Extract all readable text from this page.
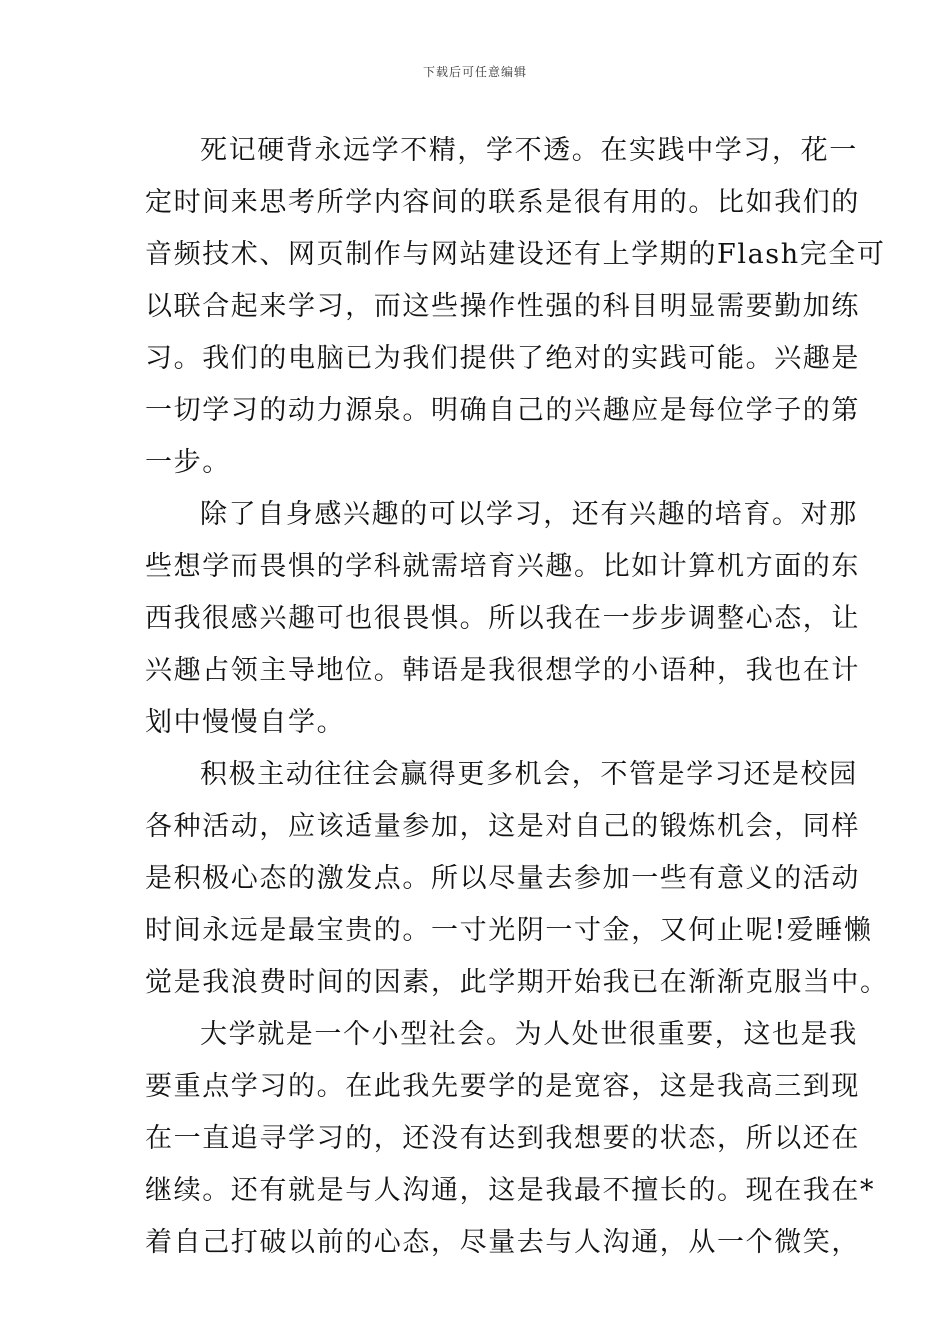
下载后可任意编辑
死记硬背永远学不精，学不透。在实践中学习，花一
定时间来思考所学内容间的联系是很有用的。比如我们的
音频技术、网页制作与网站建设还有上学期的Flash完全可
以联合起来学习，而这些操作性强的科目明显需要勤加练
习。我们的电脑已为我们提供了绝对的实践可能。兴趣是
一切学习的动力源泉。明确自己的兴趣应是每位学子的第
一步。
除了自身感兴趣的可以学习，还有兴趣的培育。对那
些想学而畏惧的学科就需培育兴趣。比如计算机方面的东
西我很感兴趣可也很畏惧。所以我在一步步调整心态，让
兴趣占领主导地位。韩语是我很想学的小语种，我也在计
划中慢慢自学。
积极主动往往会赢得更多机会，不管是学习还是校园
各种活动，应该适量参加，这是对自己的锻炼机会，同样
是积极心态的激发点。所以尽量去参加一些有意义的活动
时间永远是最宝贵的。一寸光阴一寸金，又何止呢!爱睡懒
觉是我浪费时间的因素，此学期开始我已在渐渐克服当中。
大学就是一个小型社会。为人处世很重要，这也是我
要重点学习的。在此我先要学的是宽容，这是我高三到现
在一直追寻学习的，还没有达到我想要的状态，所以还在
继续。还有就是与人沟通，这是我最不擅长的。现在我在*
着自己打破以前的心态，尽量去与人沟通，从一个微笑，
